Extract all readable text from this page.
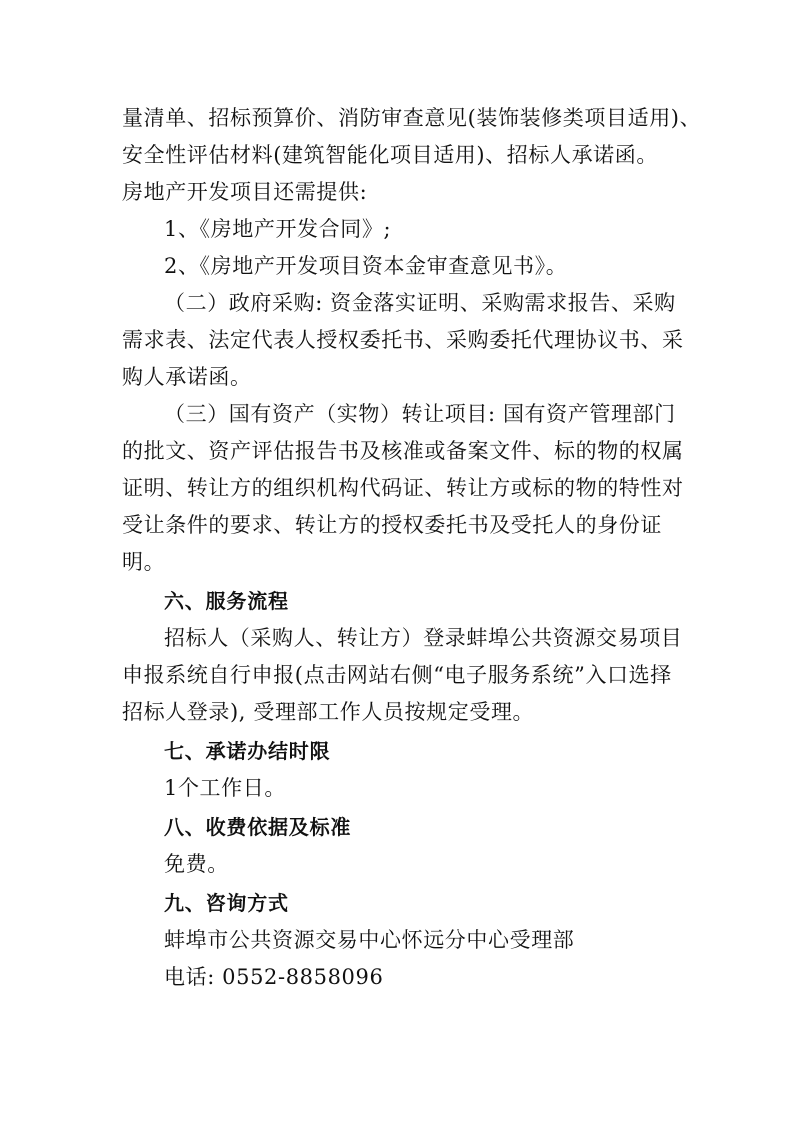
量清单、招标预算价、消防审查意见(装饰装修类项目适用)、
安全性评估材料(建筑智能化项目适用)、招标人承诺函。
房地产开发项目还需提供:
1、《房地产开发合同》;
2、《房地产开发项目资本金审查意见书》。
（二）政府采购: 资金落实证明、采购需求报告、采购
需求表、法定代表人授权委托书、采购委托代理协议书、采
购人承诺函。
（三）国有资产（实物）转让项目: 国有资产管理部门
的批文、资产评估报告书及核准或备案文件、标的物的权属
证明、转让方的组织机构代码证、转让方或标的物的特性对
受让条件的要求、转让方的授权委托书及受托人的身份证
明。
六、服务流程
招标人（采购人、转让方）登录蚌埠公共资源交易项目
申报系统自行申报(点击网站右侧“电子服务系统”入口选择
招标人登录), 受理部工作人员按规定受理。
七、承诺办结时限
1个工作日。
八、收费依据及标准
免费。
九、咨询方式
蚌埠市公共资源交易中心怀远分中心受理部
电话: 0552-8858096
